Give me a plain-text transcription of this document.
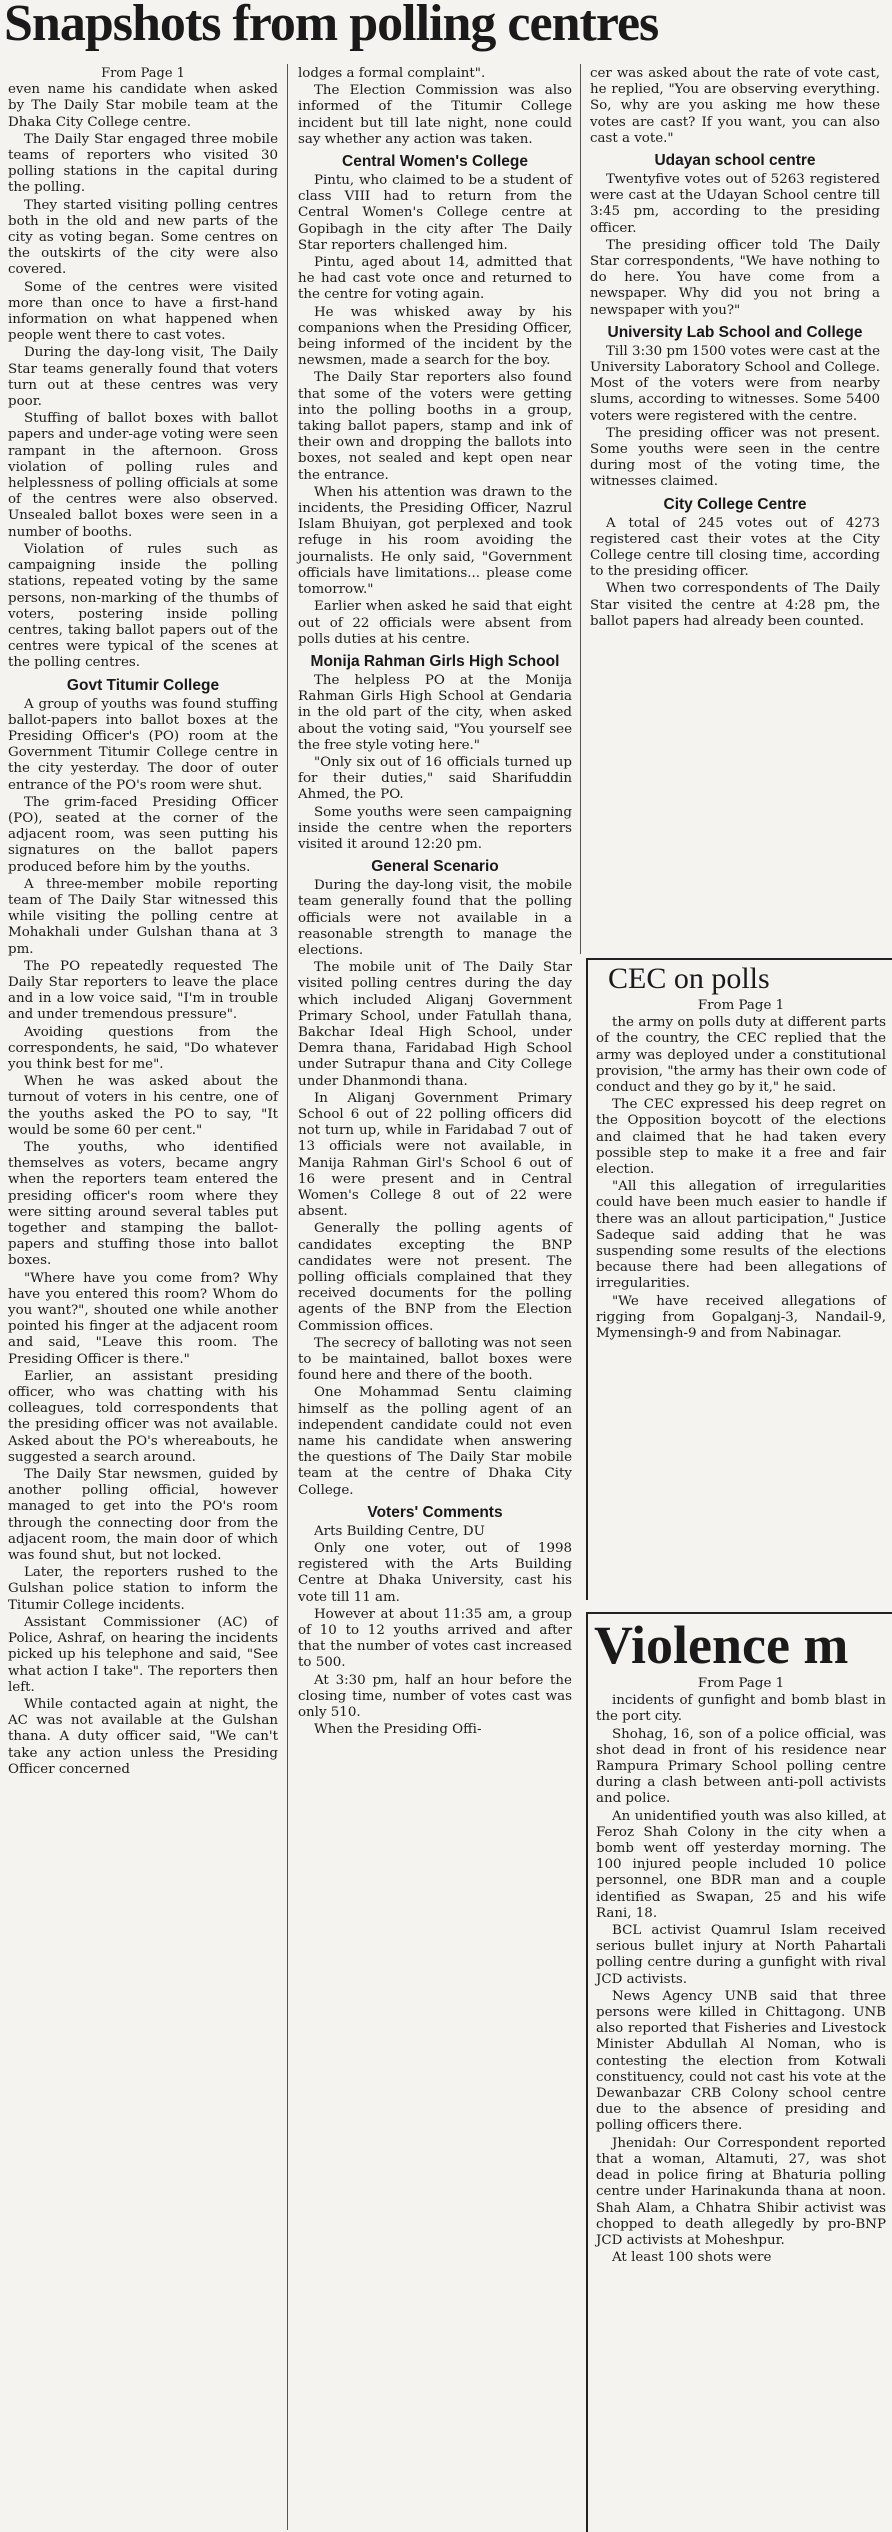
Snapshots from polling centres

From Page 1

even name his candidate when asked by The Daily Star mobile team at the Dhaka City College centre.

The Daily Star engaged three mobile teams of reporters who visited 30 polling stations in the capital during the polling.

They started visiting polling centres both in the old and new parts of the city as voting began. Some centres on the outskirts of the city were also covered.

Some of the centres were visited more than once to have a first-hand information on what happened when people went there to cast votes.

During the day-long visit, The Daily Star teams generally found that voters turn out at these centres was very poor.

Stuffing of ballot boxes with ballot papers and under-age voting were seen rampant in the afternoon. Gross violation of polling rules and helplessness of polling officials at some of the centres were also observed. Unsealed ballot boxes were seen in a number of booths.

Violation of rules such as campaigning inside the polling stations, repeated voting by the same persons, non-marking of the thumbs of voters, postering inside polling centres, taking ballot papers out of the centres were typical of the scenes at the polling centres.

Govt Titumir College

A group of youths was found stuffing ballot-papers into ballot boxes at the Presiding Officer's (PO) room at the Government Titumir College centre in the city yesterday. The door of outer entrance of the PO's room were shut.

The grim-faced Presiding Officer (PO), seated at the corner of the adjacent room, was seen putting his signatures on the ballot papers produced before him by the youths.

A three-member mobile reporting team of The Daily Star witnessed this while visiting the polling centre at Mohakhali under Gulshan thana at 3 pm.

The PO repeatedly requested The Daily Star reporters to leave the place and in a low voice said, "I'm in trouble and under tremendous pressure".

Avoiding questions from the correspondents, he said, "Do whatever you think best for me".

When he was asked about the turnout of voters in his centre, one of the youths asked the PO to say, "It would be some 60 per cent."

The youths, who identified themselves as voters, became angry when the reporters team entered the presiding officer's room where they were sitting around several tables put together and stamping the ballot-papers and stuffing those into ballot boxes.

"Where have you come from? Why have you entered this room? Whom do you want?", shouted one while another pointed his finger at the adjacent room and said, "Leave this room. The Presiding Officer is there."

Earlier, an assistant presiding officer, who was chatting with his colleagues, told correspondents that the presiding officer was not available. Asked about the PO's whereabouts, he suggested a search around.

The Daily Star newsmen, guided by another polling official, however managed to get into the PO's room through the connecting door from the adjacent room, the main door of which was found shut, but not locked.

Later, the reporters rushed to the Gulshan police station to inform the Titumir College incidents.

Assistant Commissioner (AC) of Police, Ashraf, on hearing the incidents picked up his telephone and said, "See what action I take". The reporters then left.

While contacted again at night, the AC was not available at the Gulshan thana. A duty officer said, "We can't take any action unless the Presiding Officer concerned

lodges a formal complaint".

The Election Commission was also informed of the Titumir College incident but till late night, none could say whether any action was taken.

Central Women's College

Pintu, who claimed to be a student of class VIII had to return from the Central Women's College centre at Gopibagh in the city after The Daily Star reporters challenged him.

Pintu, aged about 14, admitted that he had cast vote once and returned to the centre for voting again.

He was whisked away by his companions when the Presiding Officer, being informed of the incident by the newsmen, made a search for the boy.

The Daily Star reporters also found that some of the voters were getting into the polling booths in a group, taking ballot papers, stamp and ink of their own and dropping the ballots into boxes, not sealed and kept open near the entrance.

When his attention was drawn to the incidents, the Presiding Officer, Nazrul Islam Bhuiyan, got perplexed and took refuge in his room avoiding the journalists. He only said, "Government officials have limitations... please come tomorrow."

Earlier when asked he said that eight out of 22 officials were absent from polls duties at his centre.

Monija Rahman Girls High School

The helpless PO at the Monija Rahman Girls High School at Gendaria in the old part of the city, when asked about the voting said, "You yourself see the free style voting here."

"Only six out of 16 officials turned up for their duties," said Sharifuddin Ahmed, the PO.

Some youths were seen campaigning inside the centre when the reporters visited it around 12:20 pm.

General Scenario

During the day-long visit, the mobile team generally found that the polling officials were not available in a reasonable strength to manage the elections.

The mobile unit of The Daily Star visited polling centres during the day which included Aliganj Government Primary School, under Fatullah thana, Bakchar Ideal High School, under Demra thana, Faridabad High School under Sutrapur thana and City College under Dhanmondi thana.

In Aliganj Government Primary School 6 out of 22 polling officers did not turn up, while in Faridabad 7 out of 13 officials were not available, in Manija Rahman Girl's School 6 out of 16 were present and in Central Women's College 8 out of 22 were absent.

Generally the polling agents of candidates excepting the BNP candidates were not present. The polling officials complained that they received documents for the polling agents of the BNP from the Election Commission offices.

The secrecy of balloting was not seen to be maintained, ballot boxes were found here and there of the booth.

One Mohammad Sentu claiming himself as the polling agent of an independent candidate could not even name his candidate when answering the questions of The Daily Star mobile team at the centre of Dhaka City College.

Voters' Comments

Arts Building Centre, DU

Only one voter, out of 1998 registered with the Arts Building Centre at Dhaka University, cast his vote till 11 am.

However at about 11:35 am, a group of 10 to 12 youths arrived and after that the number of votes cast increased to 500.

At 3:30 pm, half an hour before the closing time, number of votes cast was only 510.

When the Presiding Offi-

cer was asked about the rate of vote cast, he replied, "You are observing everything. So, why are you asking me how these votes are cast? If you want, you can also cast a vote."

Udayan school centre

Twentyfive votes out of 5263 registered were cast at the Udayan School centre till 3:45 pm, according to the presiding officer.

The presiding officer told The Daily Star correspondents, "We have nothing to do here. You have come from a newspaper. Why did you not bring a newspaper with you?"

University Lab School and College

Till 3:30 pm 1500 votes were cast at the University Laboratory School and College. Most of the voters were from nearby slums, according to witnesses. Some 5400 voters were registered with the centre.

The presiding officer was not present. Some youths were seen in the centre during most of the voting time, the witnesses claimed.

City College Centre

A total of 245 votes out of 4273 registered cast their votes at the City College centre till closing time, according to the presiding officer.

When two correspondents of The Daily Star visited the centre at 4:28 pm, the ballot papers had already been counted.

CEC on polls

From Page 1

the army on polls duty at different parts of the country, the CEC replied that the army was deployed under a constitutional provision, "the army has their own code of conduct and they go by it," he said.

The CEC expressed his deep regret on the Opposition boycott of the elections and claimed that he had taken every possible step to make it a free and fair election.

"All this allegation of irregularities could have been much easier to handle if there was an allout participation," Justice Sadeque said adding that he was suspending some results of the elections because there had been allegations of irregularities.

"We have received allegations of rigging from Gopalganj-3, Nandail-9, Mymensingh-9 and from Nabinagar.

Violence m

From Page 1

incidents of gunfight and bomb blast in the port city.

Shohag, 16, son of a police official, was shot dead in front of his residence near Rampura Primary School polling centre during a clash between anti-poll activists and police.

An unidentified youth was also killed, at Feroz Shah Colony in the city when a bomb went off yesterday morning. The 100 injured people included 10 police personnel, one BDR man and a couple identified as Swapan, 25 and his wife Rani, 18.

BCL activist Quamrul Islam received serious bullet injury at North Pahartali polling centre during a gunfight with rival JCD activists.

News Agency UNB said that three persons were killed in Chittagong. UNB also reported that Fisheries and Livestock Minister Abdullah Al Noman, who is contesting the election from Kotwali constituency, could not cast his vote at the Dewanbazar CRB Colony school centre due to the absence of presiding and polling officers there.

Jhenidah: Our Correspondent reported that a woman, Altamuti, 27, was shot dead in police firing at Bhaturia polling centre under Harinakunda thana at noon. Shah Alam, a Chhatra Shibir activist was chopped to death allegedly by pro-BNP JCD activists at Moheshpur.

At least 100 shots were
